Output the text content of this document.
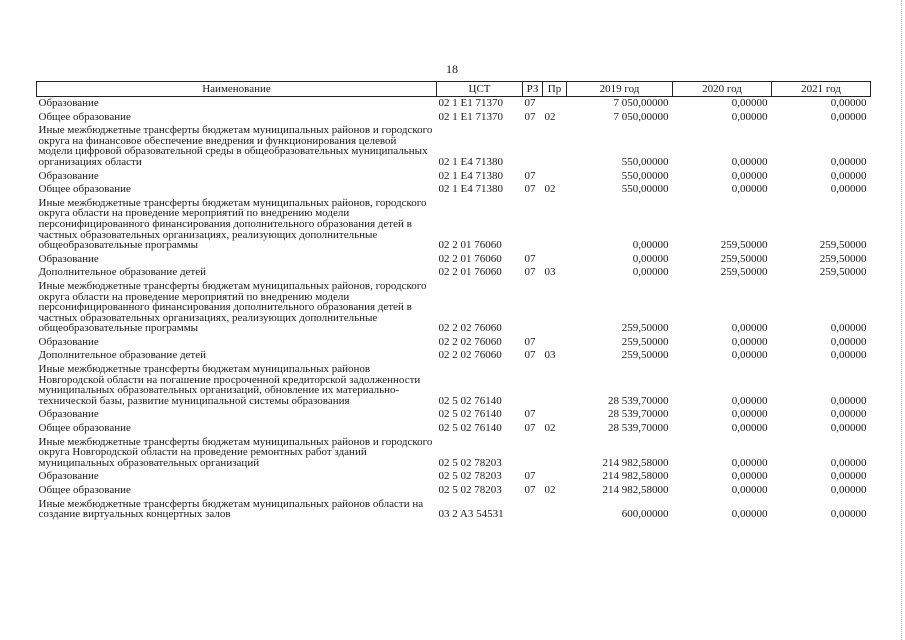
18
Наименование	ЦСТ	РЗ	Пр	2019 год	2020 год	2021 год
Образование	02 1 E1 71370	07		7 050,00000	0,00000	0,00000
Общее образование	02 1 E1 71370	07	02	7 050,00000	0,00000	0,00000
Иные межбюджетные трансферты бюджетам муниципальных районов и городского округа на финансовое обеспечение внедрения и функционирования целевой модели цифровой образовательной среды в общеобразовательных муниципальных организациях области	02 1 E4 71380			550,00000	0,00000	0,00000
Образование	02 1 E4 71380	07		550,00000	0,00000	0,00000
Общее образование	02 1 E4 71380	07	02	550,00000	0,00000	0,00000
Иные межбюджетные трансферты бюджетам муниципальных районов, городского округа области на проведение мероприятий по внедрению модели персонифицированного финансирования дополнительного образования детей в частных образовательных организациях, реализующих дополнительные общеобразовательные программы	02 2 01 76060			0,00000	259,50000	259,50000
Образование	02 2 01 76060	07		0,00000	259,50000	259,50000
Дополнительное образование детей	02 2 01 76060	07	03	0,00000	259,50000	259,50000
Иные межбюджетные трансферты бюджетам муниципальных районов, городского округа области на проведение мероприятий по внедрению модели персонифицированного финансирования дополнительного образования детей в частных образовательных организациях, реализующих дополнительные общеобразовательные программы	02 2 02 76060			259,50000	0,00000	0,00000
Образование	02 2 02 76060	07		259,50000	0,00000	0,00000
Дополнительное образование детей	02 2 02 76060	07	03	259,50000	0,00000	0,00000
Иные межбюджетные трансферты бюджетам муниципальных районов Новгородской области на погашение просроченной кредиторской задолженности муниципальных образовательных организаций, обновление их материально-технической базы, развитие муниципальной системы образования	02 5 02 76140			28 539,70000	0,00000	0,00000
Образование	02 5 02 76140	07		28 539,70000	0,00000	0,00000
Общее образование	02 5 02 76140	07	02	28 539,70000	0,00000	0,00000
Иные межбюджетные трансферты бюджетам муниципальных районов и городского округа Новгородской области на проведение ремонтных работ зданий муниципальных образовательных организаций	02 5 02 78203			214 982,58000	0,00000	0,00000
Образование	02 5 02 78203	07		214 982,58000	0,00000	0,00000
Общее образование	02 5 02 78203	07	02	214 982,58000	0,00000	0,00000
Иные межбюджетные трансферты бюджетам муниципальных районов области на создание виртуальных концертных залов	03 2 A3 54531			600,00000	0,00000	0,00000
